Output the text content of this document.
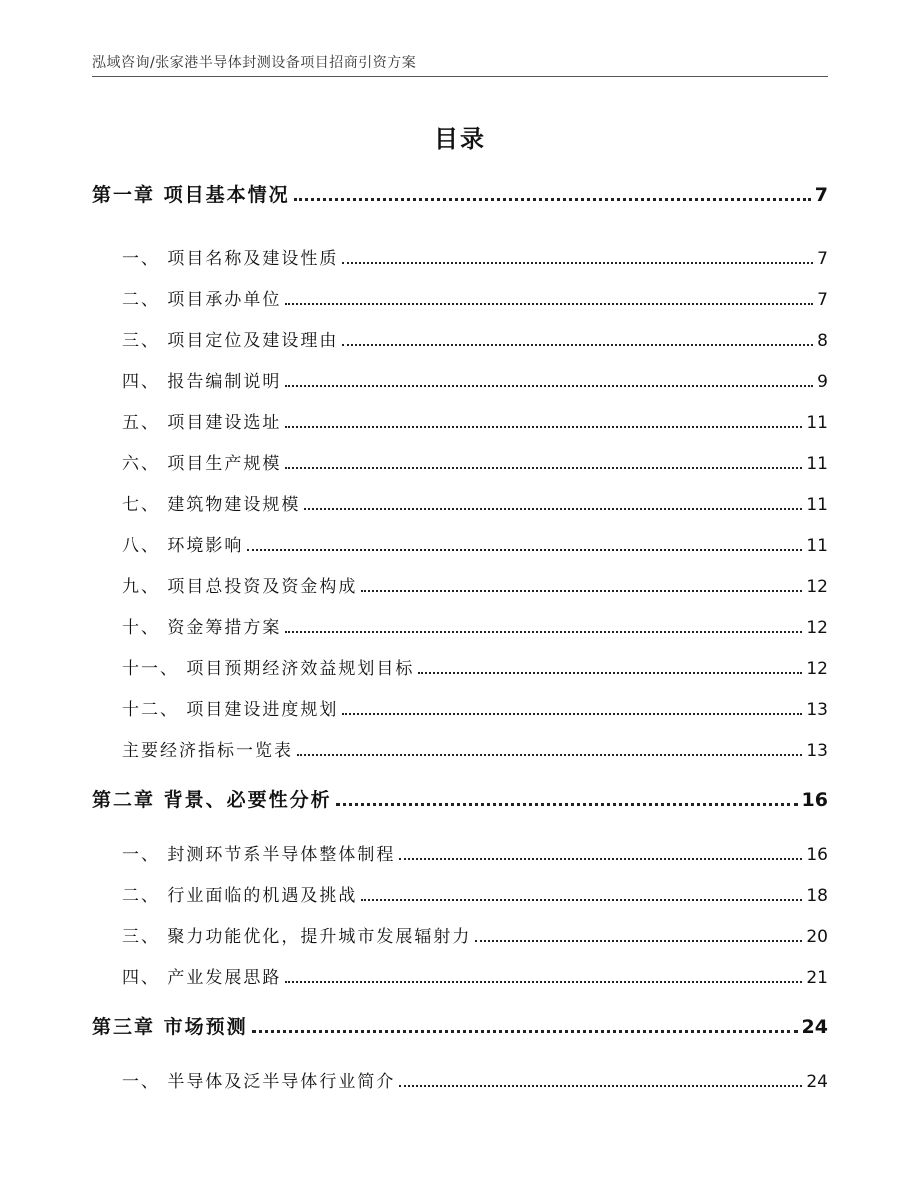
泓域咨询/张家港半导体封测设备项目招商引资方案
目录
第一章 项目基本情况	7
一、 项目名称及建设性质	7
二、 项目承办单位	7
三、 项目定位及建设理由	8
四、 报告编制说明	9
五、 项目建设选址	11
六、 项目生产规模	11
七、 建筑物建设规模	11
八、 环境影响	11
九、 项目总投资及资金构成	12
十、 资金筹措方案	12
十一、 项目预期经济效益规划目标	12
十二、 项目建设进度规划	13
主要经济指标一览表	13
第二章 背景、必要性分析	16
一、 封测环节系半导体整体制程	16
二、 行业面临的机遇及挑战	18
三、 聚力功能优化，提升城市发展辐射力	20
四、 产业发展思路	21
第三章 市场预测	24
一、 半导体及泛半导体行业简介	24
